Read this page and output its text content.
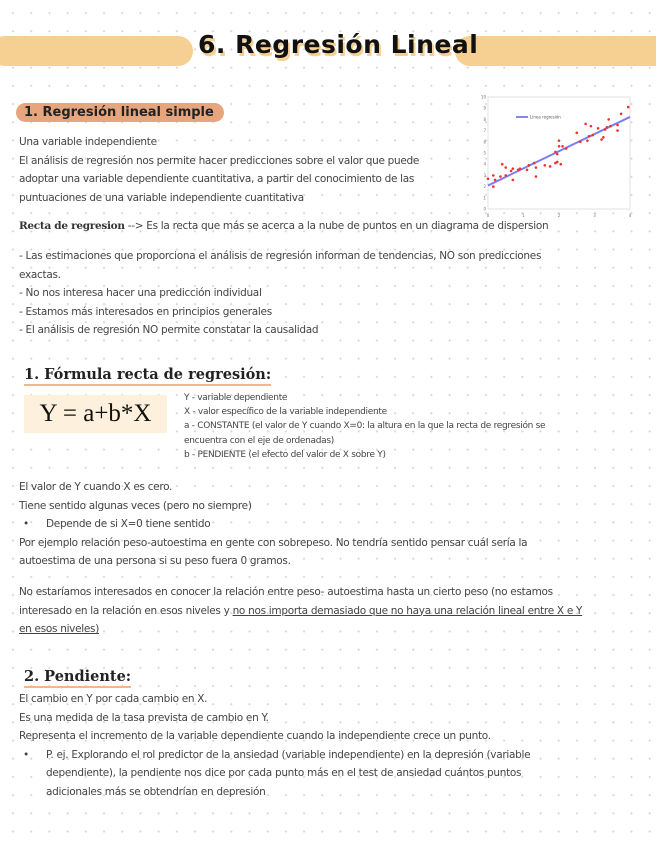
6. Regresión Lineal
1. Regresión lineal simple
Una variable independiente
El análisis de regresión nos permite hacer predicciones sobre el valor que puede
adoptar una variable dependiente cuantitativa, a partir del conocimiento de las
puntuaciones de una variable independiente cuantitativa
0	1	2	3	4
0
1
2
3
4
5
6
7
8
9
10
Línea regresión
Recta de regresion --> Es la recta que más se acerca a la nube de puntos en un diagrama de dispersion
- Las estimaciones que proporciona el análisis de regresión informan de tendencias, NO son predicciones
exactas.
- No nos interesa hacer una predicción individual
- Estamos más interesados en principios generales
- El análisis de regresión NO permite constatar la causalidad
1. Fórmula recta de regresión:
Y = a+b*X
Y - variable dependiente
X - valor específico de la variable independiente
a - CONSTANTE (el valor de Y cuando X=0: la altura en la que la recta de regresión se
encuentra con el eje de ordenadas)
b - PENDIENTE (el efecto del valor de X sobre Y)
El valor de Y cuando X es cero.
Tiene sentido algunas veces (pero no siempre)
• Depende de si X=0 tiene sentido
Por ejemplo relación peso-autoestima en gente con sobrepeso. No tendría sentido pensar cuál sería la
autoestima de una persona si su peso fuera 0 gramos.
No estaríamos interesados en conocer la relación entre peso- autoestima hasta un cierto peso (no estamos
interesado en la relación en esos niveles y no nos importa demasiado que no haya una relación lineal entre X e Y
en esos niveles)
2. Pendiente:
El cambio en Y por cada cambio en X.
Es una medida de la tasa prevista de cambio en Y.
Representa el incremento de la variable dependiente cuando la independiente crece un punto.
• P. ej. Explorando el rol predictor de la ansiedad (variable independiente) en la depresión (variable
dependiente), la pendiente nos dice por cada punto más en el test de ansiedad cuántos puntos
adicionales más se obtendrían en depresión
